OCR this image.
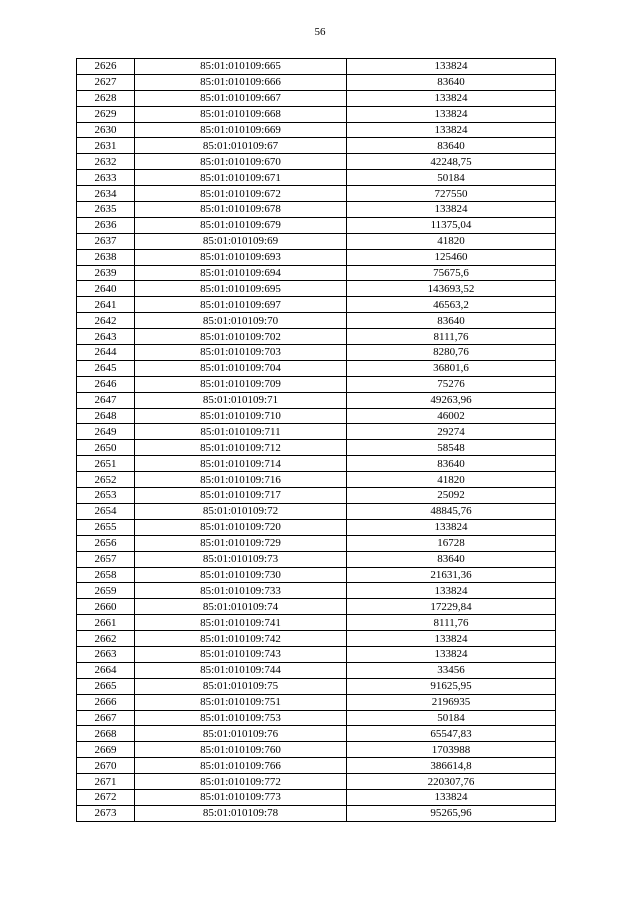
56
2626	85:01:010109:665	133824
2627	85:01:010109:666	83640
2628	85:01:010109:667	133824
2629	85:01:010109:668	133824
2630	85:01:010109:669	133824
2631	85:01:010109:67	83640
2632	85:01:010109:670	42248,75
2633	85:01:010109:671	50184
2634	85:01:010109:672	727550
2635	85:01:010109:678	133824
2636	85:01:010109:679	11375,04
2637	85:01:010109:69	41820
2638	85:01:010109:693	125460
2639	85:01:010109:694	75675,6
2640	85:01:010109:695	143693,52
2641	85:01:010109:697	46563,2
2642	85:01:010109:70	83640
2643	85:01:010109:702	8111,76
2644	85:01:010109:703	8280,76
2645	85:01:010109:704	36801,6
2646	85:01:010109:709	75276
2647	85:01:010109:71	49263,96
2648	85:01:010109:710	46002
2649	85:01:010109:711	29274
2650	85:01:010109:712	58548
2651	85:01:010109:714	83640
2652	85:01:010109:716	41820
2653	85:01:010109:717	25092
2654	85:01:010109:72	48845,76
2655	85:01:010109:720	133824
2656	85:01:010109:729	16728
2657	85:01:010109:73	83640
2658	85:01:010109:730	21631,36
2659	85:01:010109:733	133824
2660	85:01:010109:74	17229,84
2661	85:01:010109:741	8111,76
2662	85:01:010109:742	133824
2663	85:01:010109:743	133824
2664	85:01:010109:744	33456
2665	85:01:010109:75	91625,95
2666	85:01:010109:751	2196935
2667	85:01:010109:753	50184
2668	85:01:010109:76	65547,83
2669	85:01:010109:760	1703988
2670	85:01:010109:766	386614,8
2671	85:01:010109:772	220307,76
2672	85:01:010109:773	133824
2673	85:01:010109:78	95265,96
